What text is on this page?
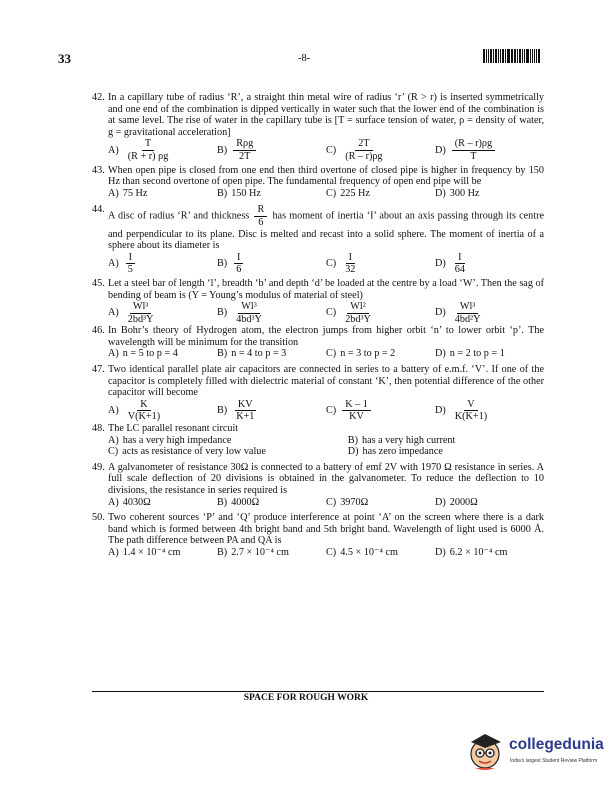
33	-8-
42. In a capillary tube of radius ‘R’, a straight thin metal wire of radius ‘r’ (R > r) is inserted symmetrically and one end of the combination is dipped vertically in water such that the lower end of the combination is at same level. The rise of water in the capillary tube is [T = surface tension of water, ρ = density of water, g = gravitational acceleration]
$A) \frac{T}{(R + r) \rho g}$	$B) \frac{\text{Rρg}}{2T}$	$C) \frac{2T}{(R - r)\rho g}$	$D) \frac{(R - r)\rho g}{T}$
43. When open pipe is closed from one end then third overtone of closed pipe is higher in frequency by 150 Hz than second overtone of open pipe. The fundamental frequency of open end pipe will be
A) 75 Hz	B) 150 Hz	C) 225 Hz	D) 300 Hz
44.
A disc of radius ‘R’ and thickness $\frac{R}{6}$ has moment of inertia ‘I’ about an axis passing through its centre and perpendicular to its plane. Disc is melted and recast into a solid sphere. The moment of inertia of a sphere about its diameter is
$A) \frac{I}{5}$	$B) \frac{I}{6}$	$C) \frac{I}{32}$	$D) \frac{I}{64}$
45. Let a steel bar of length ‘l’, breadth ‘b’ and depth ‘d’ be loaded at the centre by a load ‘W’. Then the sag of bending of beam is (Y = Young’s modulus of material of steel)
$A) \frac{\text{Wl³}}{\text{2bd³Y}}$	$B) \frac{\text{Wl³}}{\text{4bd³Y}}$	$C) \frac{\text{Wl²}}{\text{2bd³Y}}$	$D) \frac{\text{Wl³}}{\text{4bd²Y}}$
46. In Bohr’s theory of Hydrogen atom, the electron jumps from higher orbit ‘n’ to lower orbit ‘p’. The wavelength will be minimum for the transition
A) n = 5 to p = 4	B) n = 4 to p = 3	C) n = 3 to p = 2	D) n = 2 to p = 1
47. Two identical parallel plate air capacitors are connected in series to a battery of e.m.f. ‘V’. If one of the capacitor is completely filled with dielectric material of constant ‘K’, then potential difference of the other capacitor will become
$A) \frac{K}{V(K+1)}$	$B) \frac{KV}{K+1}$	$C) \frac{K - 1}{KV}$	$D) \frac{V}{K(K+1)}$
48. The LC parallel resonant circuit
A) has a very high impedance	B) has a very high current
C) acts as resistance of very low value	D) has zero impedance
49. A galvanometer of resistance 30Ω is connected to a battery of emf 2V with 1970 Ω resistance in series. A full scale deflection of 20 divisions is obtained in the galvanometer. To reduce the deflection to 10 divisions, the resistance in series required is
A) 4030Ω	B) 4000Ω	C) 3970Ω	D) 2000Ω
50. Two coherent sources ‘P’ and ‘Q’ produce interference at point ‘A’ on the screen where there is a dark band which is formed between 4th bright band and 5th bright band. Wavelength of light used is 6000 Å. The path difference between PA and QA is
A) 1.4 × 10⁻⁴ cm	B) 2.7 × 10⁻⁴ cm	C) 4.5 × 10⁻⁴ cm	D) 6.2 × 10⁻⁴ cm
SPACE FOR ROUGH WORK
collegedunia
India's largest Student Review Platform
